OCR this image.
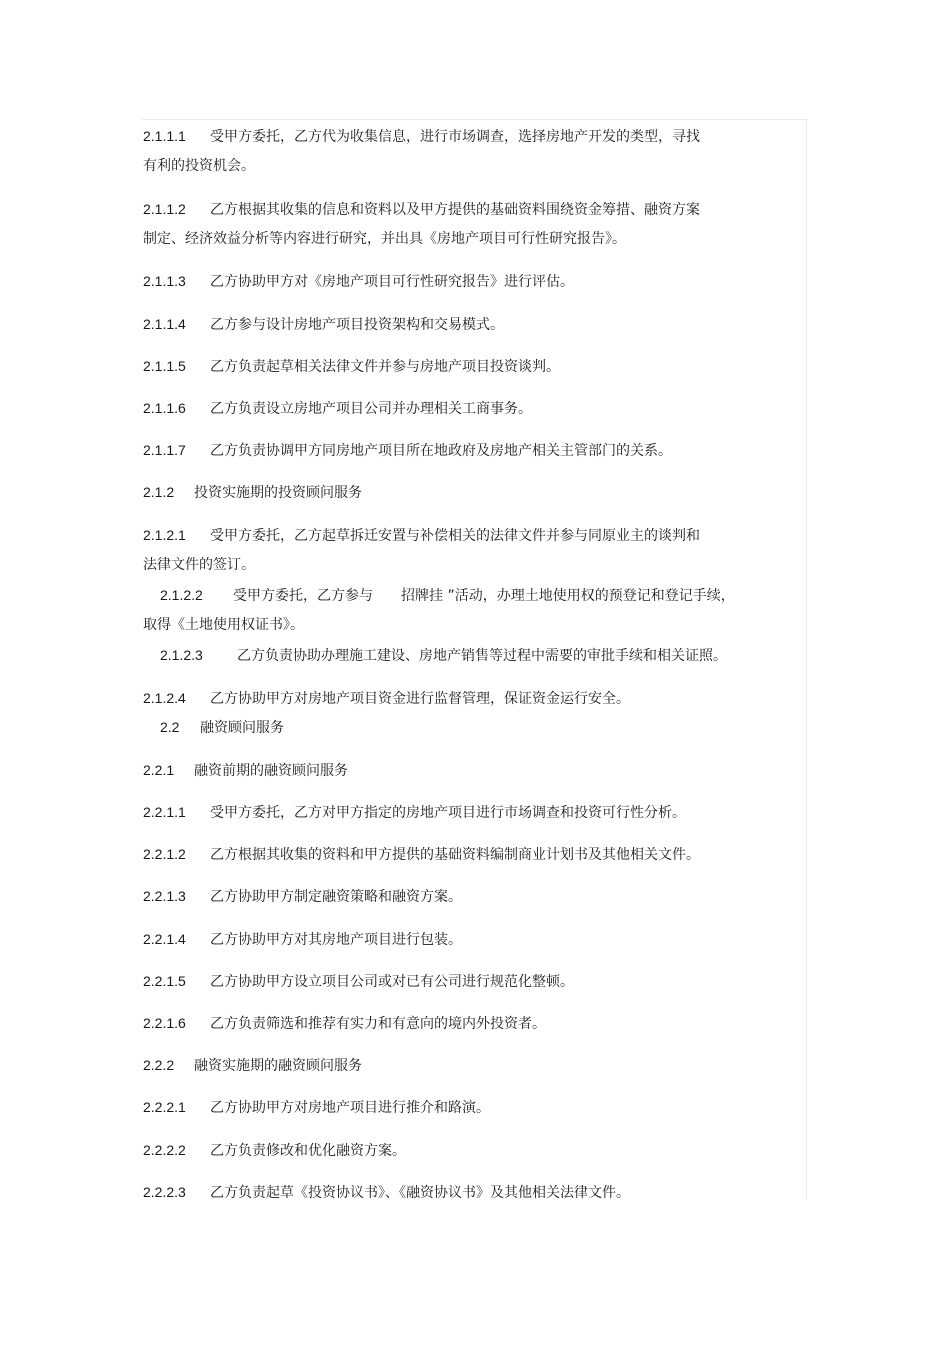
2.1.1.1 受甲方委托，乙方代为收集信息，进行市场调查，选择房地产开发的类型，寻找
有利的投资机会。
2.1.1.2 乙方根据其收集的信息和资料以及甲方提供的基础资料围绕资金筹措、融资方案
制定、经济效益分析等内容进行研究，并出具《房地产项目可行性研究报告》。
2.1.1.3 乙方协助甲方对《房地产项目可行性研究报告》进行评估。
2.1.1.4 乙方参与设计房地产项目投资架构和交易模式。
2.1.1.5 乙方负责起草相关法律文件并参与房地产项目投资谈判。
2.1.1.6 乙方负责设立房地产项目公司并办理相关工商事务。
2.1.1.7 乙方负责协调甲方同房地产项目所在地政府及房地产相关主管部门的关系。
2.1.2 投资实施期的投资顾问服务
2.1.2.1 受甲方委托，乙方起草拆迁安置与补偿相关的法律文件并参与同原业主的谈判和
法律文件的签订。
2.1.2.2 受甲方委托，乙方参与 招牌挂 ”活动，办理土地使用权的预登记和登记手续，
取得《土地使用权证书》。
2.1.2.3 乙方负责协助办理施工建设、房地产销售等过程中需要的审批手续和相关证照。
2.1.2.4 乙方协助甲方对房地产项目资金进行监督管理，保证资金运行安全。
2.2 融资顾问服务
2.2.1 融资前期的融资顾问服务
2.2.1.1 受甲方委托，乙方对甲方指定的房地产项目进行市场调查和投资可行性分析。
2.2.1.2 乙方根据其收集的资料和甲方提供的基础资料编制商业计划书及其他相关文件。
2.2.1.3 乙方协助甲方制定融资策略和融资方案。
2.2.1.4 乙方协助甲方对其房地产项目进行包装。
2.2.1.5 乙方协助甲方设立项目公司或对已有公司进行规范化整顿。
2.2.1.6 乙方负责筛选和推荐有实力和有意向的境内外投资者。
2.2.2 融资实施期的融资顾问服务
2.2.2.1 乙方协助甲方对房地产项目进行推介和路演。
2.2.2.2 乙方负责修改和优化融资方案。
2.2.2.3 乙方负责起草《投资协议书》、《融资协议书》及其他相关法律文件。
